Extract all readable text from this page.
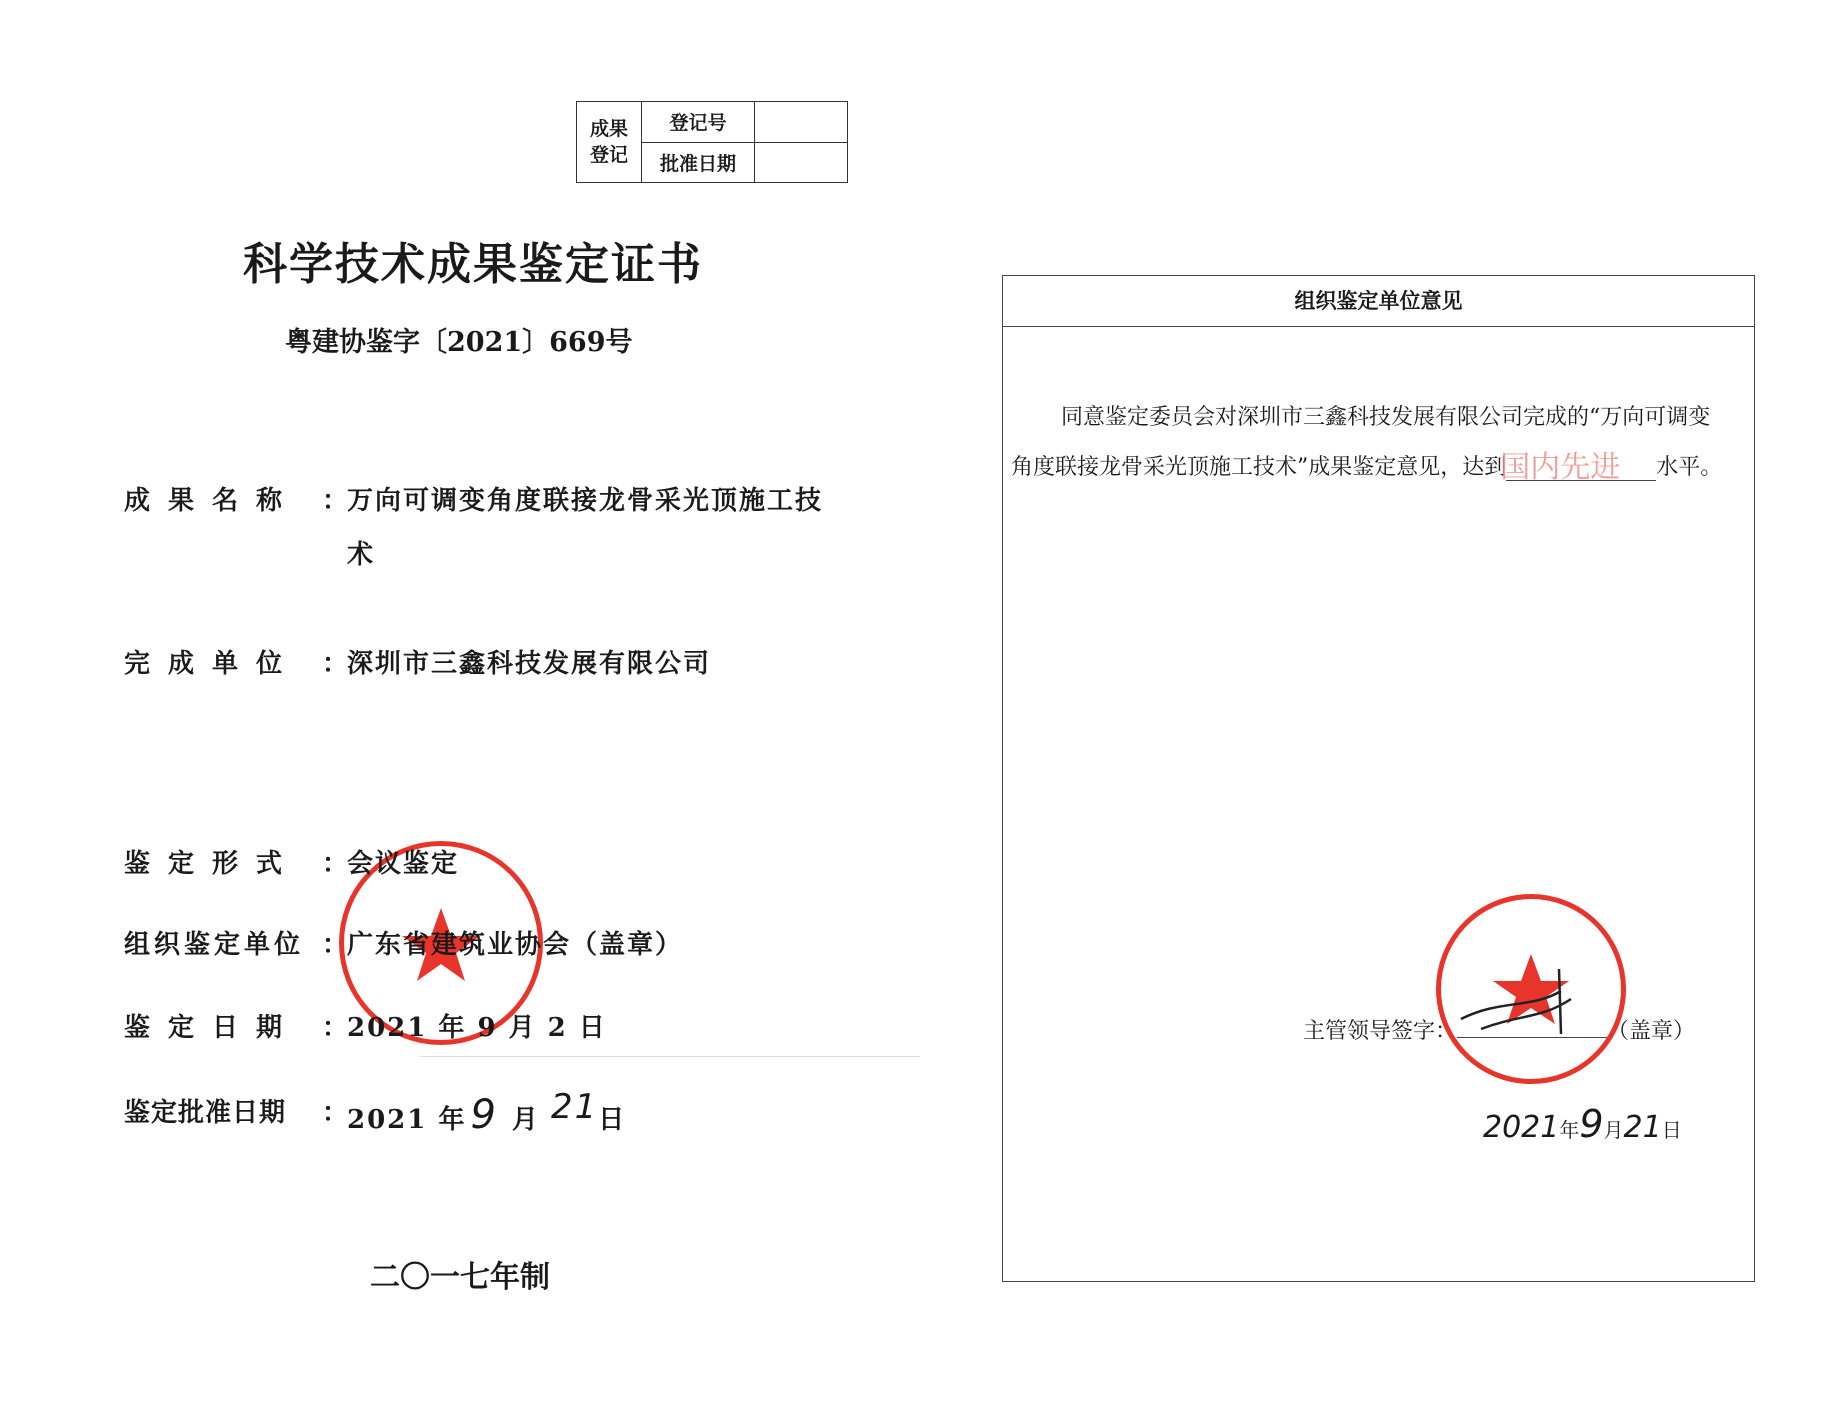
成果登记	登记号	
	批准日期	
科学技术成果鉴定证书
粤建协鉴字〔2021〕669号
成果名称 ：
万向可调变角度联接龙骨采光顶施工技
术
完成单位 ：
深圳市三鑫科技发展有限公司
鉴定形式 ：
会议鉴定
组织鉴定单位 ：
广东省建筑业协会（盖章）
鉴定日期 ：
2021 年 9 月 2 日
鉴定批准日期	：
2021 年 9 月 21日
二〇一七年制
组织鉴定单位意见
同意鉴定委员会对深圳市三鑫科技发展有限公司完成的“万向可调变
角度联接龙骨采光顶施工技术”成果鉴定意见，达到
国内先进 水平。
主管领导签字：	（盖章）
2021年9月21日
